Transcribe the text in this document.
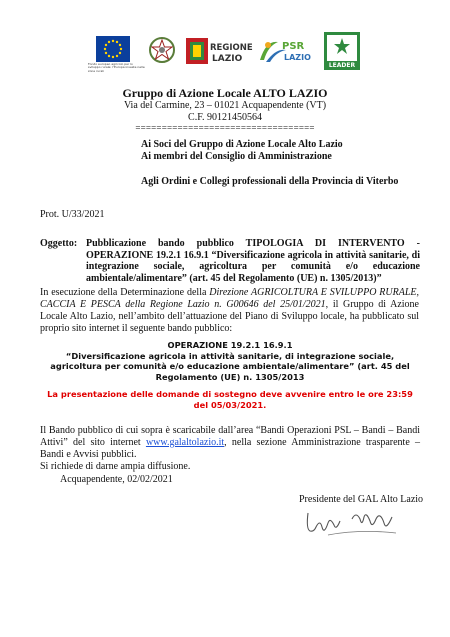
Fondo europeo agricolo per lo sviluppo rurale: l'Europa investe nelle zone rurali
REGIONE
LAZIO
PSR
LAZIO
LEADER
Gruppo di Azione Locale ALTO LAZIO
Via del Carmine, 23 – 01021 Acquapendente (VT)
C.F. 90121450564
==================================
Ai Soci del Gruppo di Azione Locale Alto Lazio
Ai membri del Consiglio di Amministrazione
Agli Ordini e Collegi professionali della Provincia di Viterbo
Prot. U/33/2021
Oggetto: Pubblicazione bando pubblico TIPOLOGIA DI INTERVENTO - OPERAZIONE 19.2.1 16.9.1 “Diversificazione agricola in attività sanitarie, di integrazione sociale, agricoltura per comunità e/o educazione ambientale/alimentare” (art. 45 del Regolamento (UE) n. 1305/2013)”
In esecuzione della Determinazione della Direzione AGRICOLTURA E SVILUPPO RURALE, CACCIA E PESCA della Regione Lazio n. G00646 del 25/01/2021, il Gruppo di Azione Locale Alto Lazio, nell’ambito dell’attuazione del Piano di Sviluppo locale, ha pubblicato sul proprio sito internet il seguente bando pubblico:
OPERAZIONE 19.2.1 16.9.1
“Diversificazione agricola in attività sanitarie, di integrazione sociale, agricoltura per comunità e/o educazione ambientale/alimentare” (art. 45 del Regolamento (UE) n. 1305/2013
La presentazione delle domande di sostegno deve avvenire entro le ore 23:59 del 05/03/2021.
Il Bando pubblico di cui sopra è scaricabile dall’area “Bandi Operazioni PSL – Bandi – Bandi Attivi” del sito internet www.galaltolazio.it, nella sezione Amministrazione trasparente – Bandi e Avvisi pubblici.
Si richiede di darne ampia diffusione.
Acquapendente, 02/02/2021
Presidente del GAL Alto Lazio
